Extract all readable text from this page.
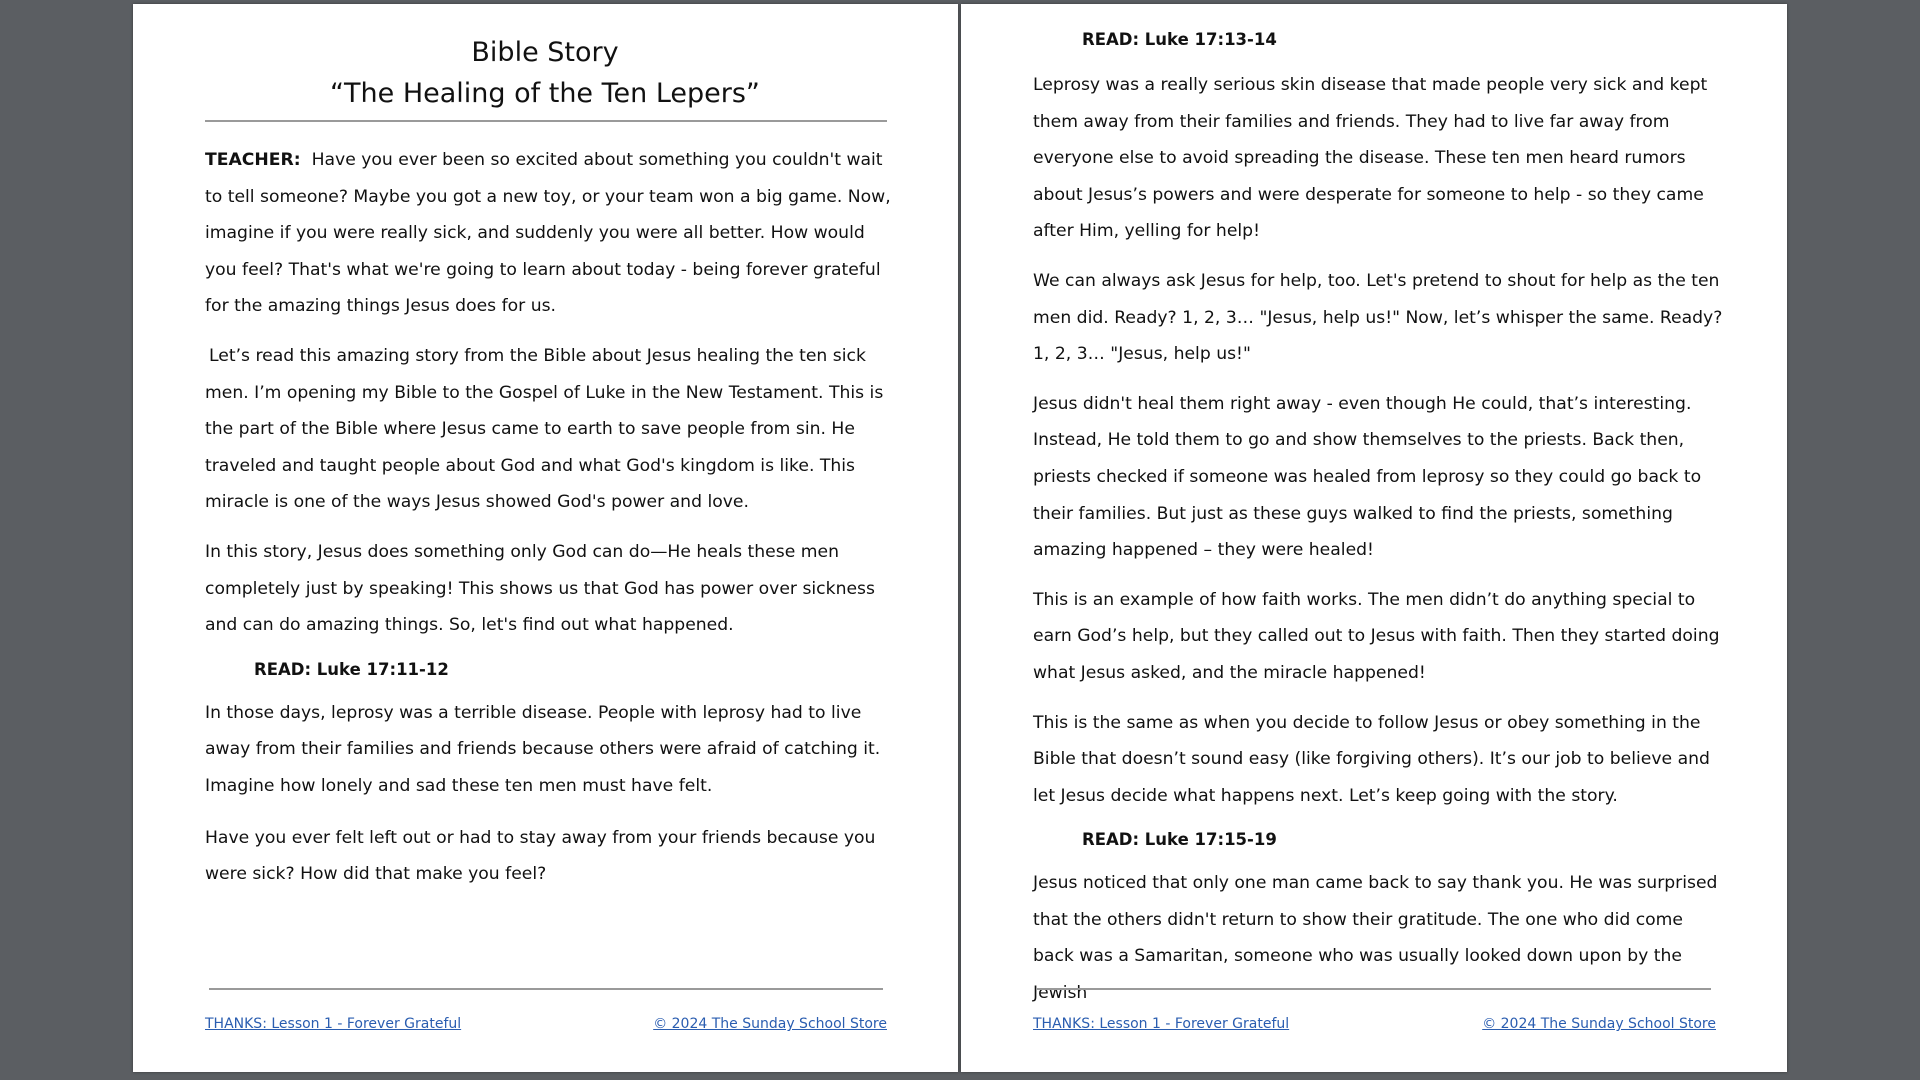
Bible Story
“The Healing of the Ten Lepers”

TEACHER: Have you ever been so excited about something you couldn't wait to tell someone? Maybe you got a new toy, or your team won a big game. Now, imagine if you were really sick, and suddenly you were all better. How would you feel? That's what we're going to learn about today - being forever grateful for the amazing things Jesus does for us.

Let’s read this amazing story from the Bible about Jesus healing the ten sick men. I’m opening my Bible to the Gospel of Luke in the New Testament. This is the part of the Bible where Jesus came to earth to save people from sin. He traveled and taught people about God and what God's kingdom is like. This miracle is one of the ways Jesus showed God's power and love.

In this story, Jesus does something only God can do—He heals these men completely just by speaking! This shows us that God has power over sickness and can do amazing things. So, let's find out what happened.

READ: Luke 17:11-12

In those days, leprosy was a terrible disease. People with leprosy had to live away from their families and friends because others were afraid of catching it. Imagine how lonely and sad these ten men must have felt.

Have you ever felt left out or had to stay away from your friends because you were sick? How did that make you feel?

THANKS: Lesson 1 - Forever Grateful	© 2024 The Sunday School Store
READ: Luke 17:13-14

Leprosy was a really serious skin disease that made people very sick and kept them away from their families and friends. They had to live far away from everyone else to avoid spreading the disease. These ten men heard rumors about Jesus’s powers and were desperate for someone to help - so they came after Him, yelling for help!

We can always ask Jesus for help, too. Let's pretend to shout for help as the ten men did. Ready? 1, 2, 3… "Jesus, help us!" Now, let’s whisper the same. Ready? 1, 2, 3… "Jesus, help us!"

Jesus didn't heal them right away - even though He could, that’s interesting. Instead, He told them to go and show themselves to the priests. Back then, priests checked if someone was healed from leprosy so they could go back to their families. But just as these guys walked to find the priests, something amazing happened – they were healed!

This is an example of how faith works. The men didn’t do anything special to earn God’s help, but they called out to Jesus with faith. Then they started doing what Jesus asked, and the miracle happened!

This is the same as when you decide to follow Jesus or obey something in the Bible that doesn’t sound easy (like forgiving others). It’s our job to believe and let Jesus decide what happens next. Let’s keep going with the story.

READ: Luke 17:15-19

Jesus noticed that only one man came back to say thank you. He was surprised that the others didn't return to show their gratitude. The one who did come back was a Samaritan, someone who was usually looked down upon by the Jewish

THANKS: Lesson 1 - Forever Grateful	© 2024 The Sunday School Store
